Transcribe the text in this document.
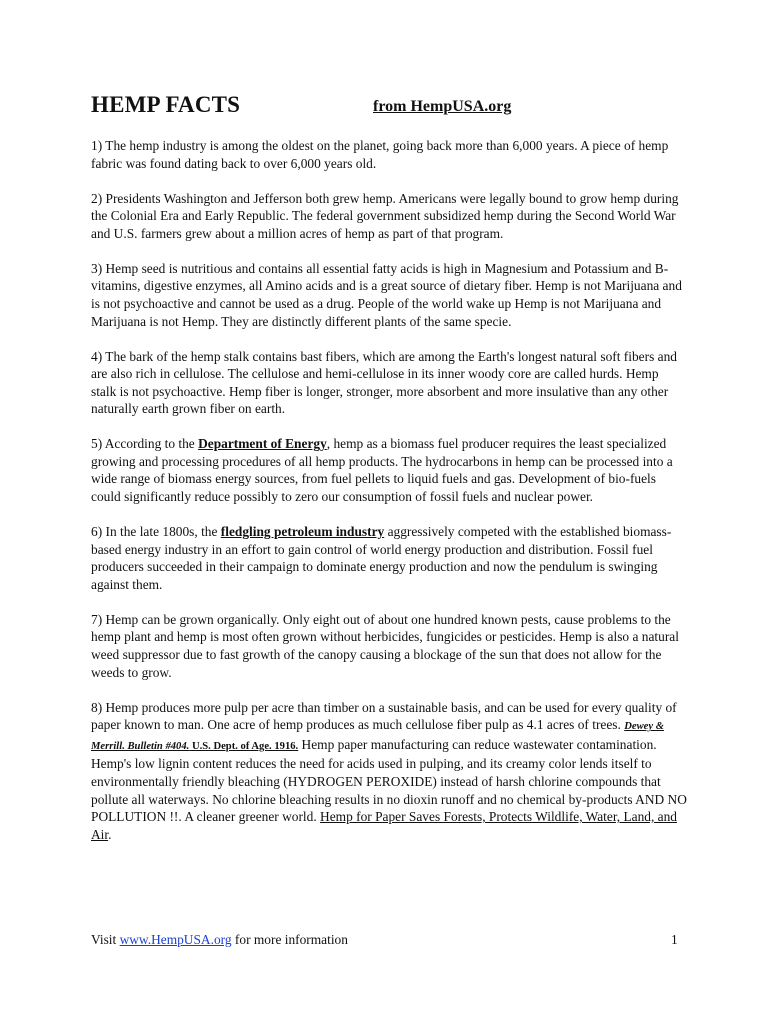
HEMP FACTS	from HempUSA.org

1) The hemp industry is among the oldest on the planet, going back more than 6,000 years. A piece of hemp fabric was found dating back to over 6,000 years old.

2) Presidents Washington and Jefferson both grew hemp. Americans were legally bound to grow hemp during the Colonial Era and Early Republic. The federal government subsidized hemp during the Second World War and U.S. farmers grew about a million acres of hemp as part of that program.

3) Hemp seed is nutritious and contains all essential fatty acids is high in Magnesium and Potassium and B-vitamins, digestive enzymes, all Amino acids and is a great source of dietary fiber. Hemp is not Marijuana and is not psychoactive and cannot be used as a drug. People of the world wake up Hemp is not Marijuana and Marijuana is not Hemp. They are distinctly different plants of the same specie.

4) The bark of the hemp stalk contains bast fibers, which are among the Earth's longest natural soft fibers and are also rich in cellulose. The cellulose and hemi-cellulose in its inner woody core are called hurds. Hemp stalk is not psychoactive. Hemp fiber is longer, stronger, more absorbent and more insulative than any other naturally earth grown fiber on earth.

5) According to the Department of Energy, hemp as a biomass fuel producer requires the least specialized growing and processing procedures of all hemp products. The hydrocarbons in hemp can be processed into a wide range of biomass energy sources, from fuel pellets to liquid fuels and gas. Development of bio-fuels could significantly reduce possibly to zero our consumption of fossil fuels and nuclear power.

6) In the late 1800s, the fledgling petroleum industry aggressively competed with the established biomass-based energy industry in an effort to gain control of world energy production and distribution. Fossil fuel producers succeeded in their campaign to dominate energy production and now the pendulum is swinging against them.

7) Hemp can be grown organically. Only eight out of about one hundred known pests, cause problems to the hemp plant and hemp is most often grown without herbicides, fungicides or pesticides. Hemp is also a natural weed suppressor due to fast growth of the canopy causing a blockage of the sun that does not allow for the weeds to grow.

8) Hemp produces more pulp per acre than timber on a sustainable basis, and can be used for every quality of paper known to man. One acre of hemp produces as much cellulose fiber pulp as 4.1 acres of trees. Dewey & Merrill. Bulletin #404. U.S. Dept. of Age. 1916. Hemp paper manufacturing can reduce wastewater contamination. Hemp's low lignin content reduces the need for acids used in pulping, and its creamy color lends itself to environmentally friendly bleaching (HYDROGEN PEROXIDE) instead of harsh chlorine compounds that pollute all waterways. No chlorine bleaching results in no dioxin runoff and no chemical by-products AND NO POLLUTION !!. A cleaner greener world. Hemp for Paper Saves Forests, Protects Wildlife, Water, Land, and Air.

Visit www.HempUSA.org for more information	1
